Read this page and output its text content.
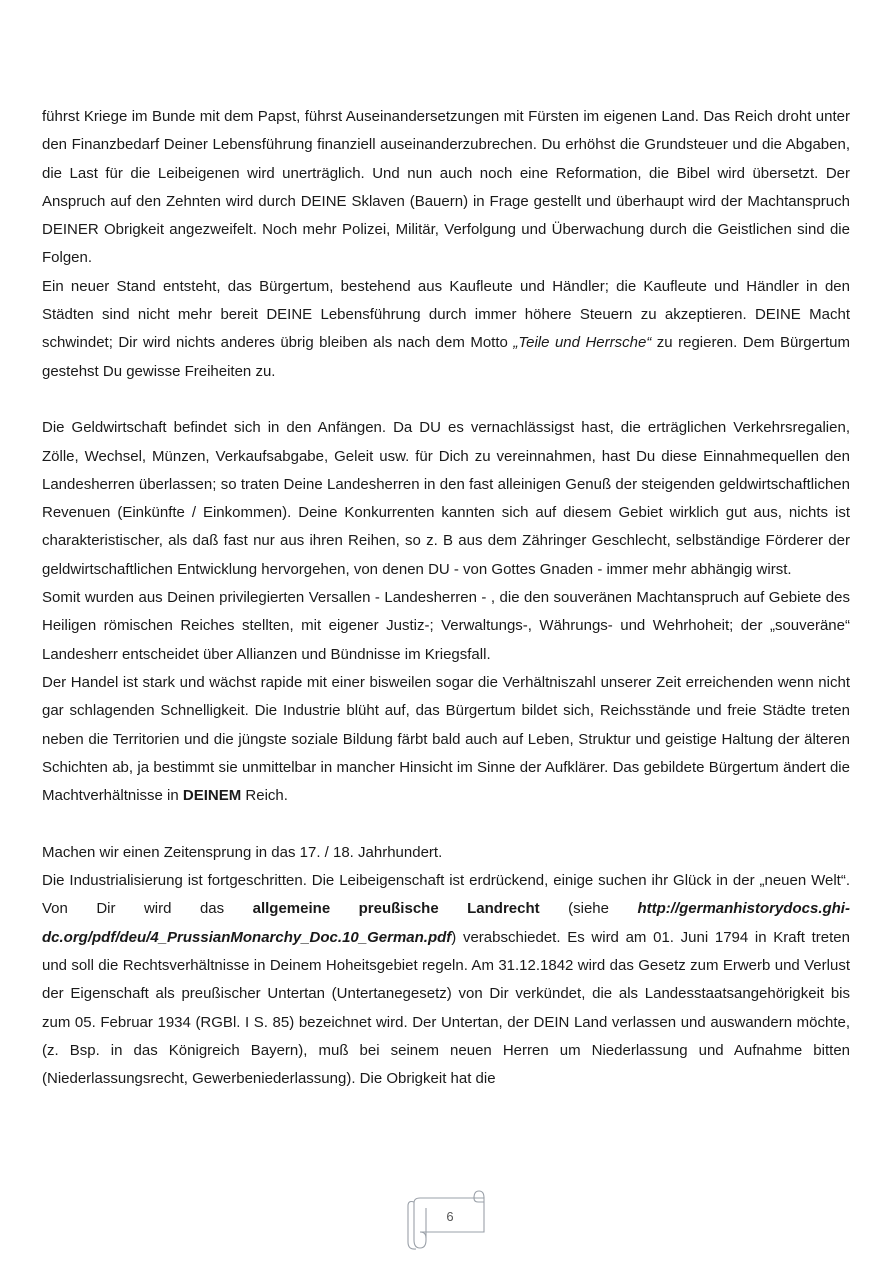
führst Kriege im Bunde mit dem Papst, führst Auseinandersetzungen mit Fürsten im eigenen Land. Das Reich droht unter den Finanzbedarf Deiner Lebensführung finanziell auseinanderzubrechen. Du erhöhst die Grundsteuer und die Abgaben, die Last für die Leibeigenen wird unerträglich. Und nun auch noch eine Reformation, die Bibel wird übersetzt. Der Anspruch auf den Zehnten wird durch DEINE Sklaven (Bauern) in Frage gestellt und überhaupt wird der Machtanspruch DEINER Obrigkeit angezweifelt. Noch mehr Polizei, Militär, Verfolgung und Überwachung durch die Geistlichen sind die Folgen.

Ein neuer Stand entsteht, das Bürgertum, bestehend aus Kaufleute und Händler; die Kaufleute und Händler in den Städten sind nicht mehr bereit DEINE Lebensführung durch immer höhere Steuern zu akzeptieren. DEINE Macht schwindet; Dir wird nichts anderes übrig bleiben als nach dem Motto „Teile und Herrsche“ zu regieren. Dem Bürgertum gestehst Du gewisse Freiheiten zu.

Die Geldwirtschaft befindet sich in den Anfängen. Da DU es vernachlässigst hast, die erträglichen Verkehrsregalien, Zölle, Wechsel, Münzen, Verkaufsabgabe, Geleit usw. für Dich zu vereinnahmen, hast Du diese Einnahmequellen den Landesherren überlassen; so traten Deine Landesherren in den fast alleinigen Genuß der steigenden geldwirtschaftlichen Revenuen (Einkünfte / Einkommen). Deine Konkurrenten kannten sich auf diesem Gebiet wirklich gut aus, nichts ist charakteristischer, als daß fast nur aus ihren Reihen, so z. B aus dem Zähringer Geschlecht, selbständige Förderer der geldwirtschaftlichen Entwicklung hervorgehen, von denen DU - von Gottes Gnaden - immer mehr abhängig wirst.

Somit wurden aus Deinen privilegierten Versallen - Landesherren - , die den souveränen Machtanspruch auf Gebiete des Heiligen römischen Reiches stellten, mit eigener Justiz-; Verwaltungs-, Währungs- und Wehrhoheit; der „souveräne“ Landesherr entscheidet über Allianzen und Bündnisse im Kriegsfall.

Der Handel ist stark und wächst rapide mit einer bisweilen sogar die Verhältniszahl unserer Zeit erreichenden wenn nicht gar schlagenden Schnelligkeit. Die Industrie blüht auf, das Bürgertum bildet sich, Reichsstände und freie Städte treten neben die Territorien und die jüngste soziale Bildung färbt bald auch auf Leben, Struktur und geistige Haltung der älteren Schichten ab, ja bestimmt sie unmittelbar in mancher Hinsicht im Sinne der Aufklärer. Das gebildete Bürgertum ändert die Machtverhältnisse in DEINEM Reich.

Machen wir einen Zeitensprung in das 17. / 18. Jahrhundert.

Die Industrialisierung ist fortgeschritten. Die Leibeigenschaft ist erdrückend, einige suchen ihr Glück in der „neuen Welt“. Von Dir wird das allgemeine preußische Landrecht (siehe http://germanhistorydocs.ghi-dc.org/pdf/deu/4_PrussianMonarchy_Doc.10_German.pdf) verabschiedet. Es wird am 01. Juni 1794 in Kraft treten und soll die Rechtsverhältnisse in Deinem Hoheitsgebiet regeln. Am 31.12.1842 wird das Gesetz zum Erwerb und Verlust der Eigenschaft als preußischer Untertan (Untertanegesetz) von Dir verkündet, die als Landesstaatsangehörigkeit bis zum 05. Februar 1934 (RGBl. I S. 85) bezeichnet wird. Der Untertan, der DEIN Land verlassen und auswandern möchte, (z. Bsp. in das Königreich Bayern), muß bei seinem neuen Herren um Niederlassung und Aufnahme bitten (Niederlassungsrecht, Gewerbeniederlassung). Die Obrigkeit hat die

6
